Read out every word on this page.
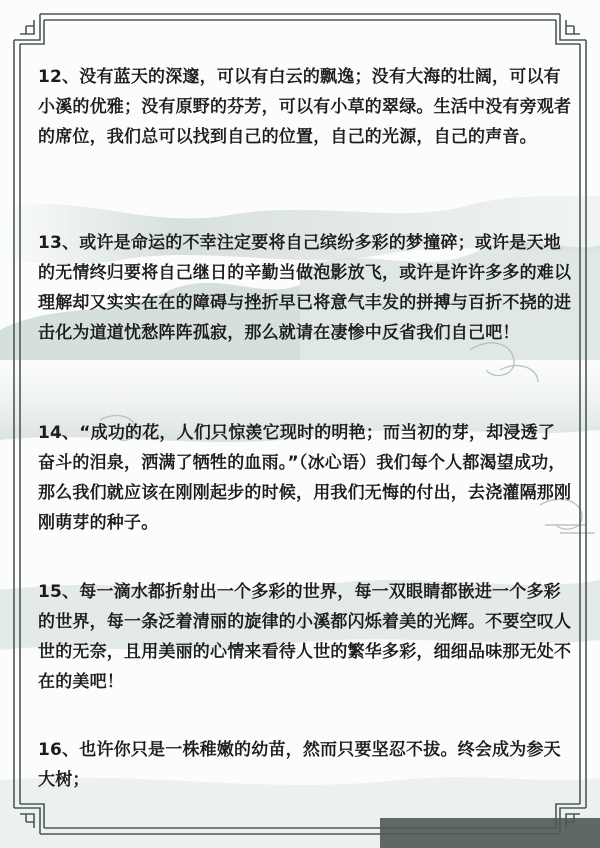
12、没有蓝天的深邃，可以有白云的飘逸；没有大海的壮阔，可以有小溪的优雅；没有原野的芬芳，可以有小草的翠绿。生活中没有旁观者的席位，我们总可以找到自己的位置，自己的光源，自己的声音。

13、或许是命运的不幸注定要将自己缤纷多彩的梦撞碎；或许是天地的无情终归要将自己继日的辛勤当做泡影放飞，或许是许许多多的难以理解却又实实在在的障碍与挫折早已将意气丰发的拼搏与百折不挠的进击化为道道忧愁阵阵孤寂，那么就请在凄惨中反省我们自己吧！

14、“成功的花，人们只惊羡它现时的明艳；而当初的芽，却浸透了奋斗的泪泉，洒满了牺牲的血雨。”（冰心语）我们每个人都渴望成功，那么我们就应该在刚刚起步的时候，用我们无悔的付出，去浇灌隔那刚刚萌芽的种子。

15、每一滴水都折射出一个多彩的世界，每一双眼睛都嵌进一个多彩的世界，每一条泛着清丽的旋律的小溪都闪烁着美的光辉。不要空叹人世的无奈，且用美丽的心情来看待人世的繁华多彩，细细品味那无处不在的美吧！

16、也许你只是一株稚嫩的幼苗，然而只要坚忍不拔。终会成为参天大树；
